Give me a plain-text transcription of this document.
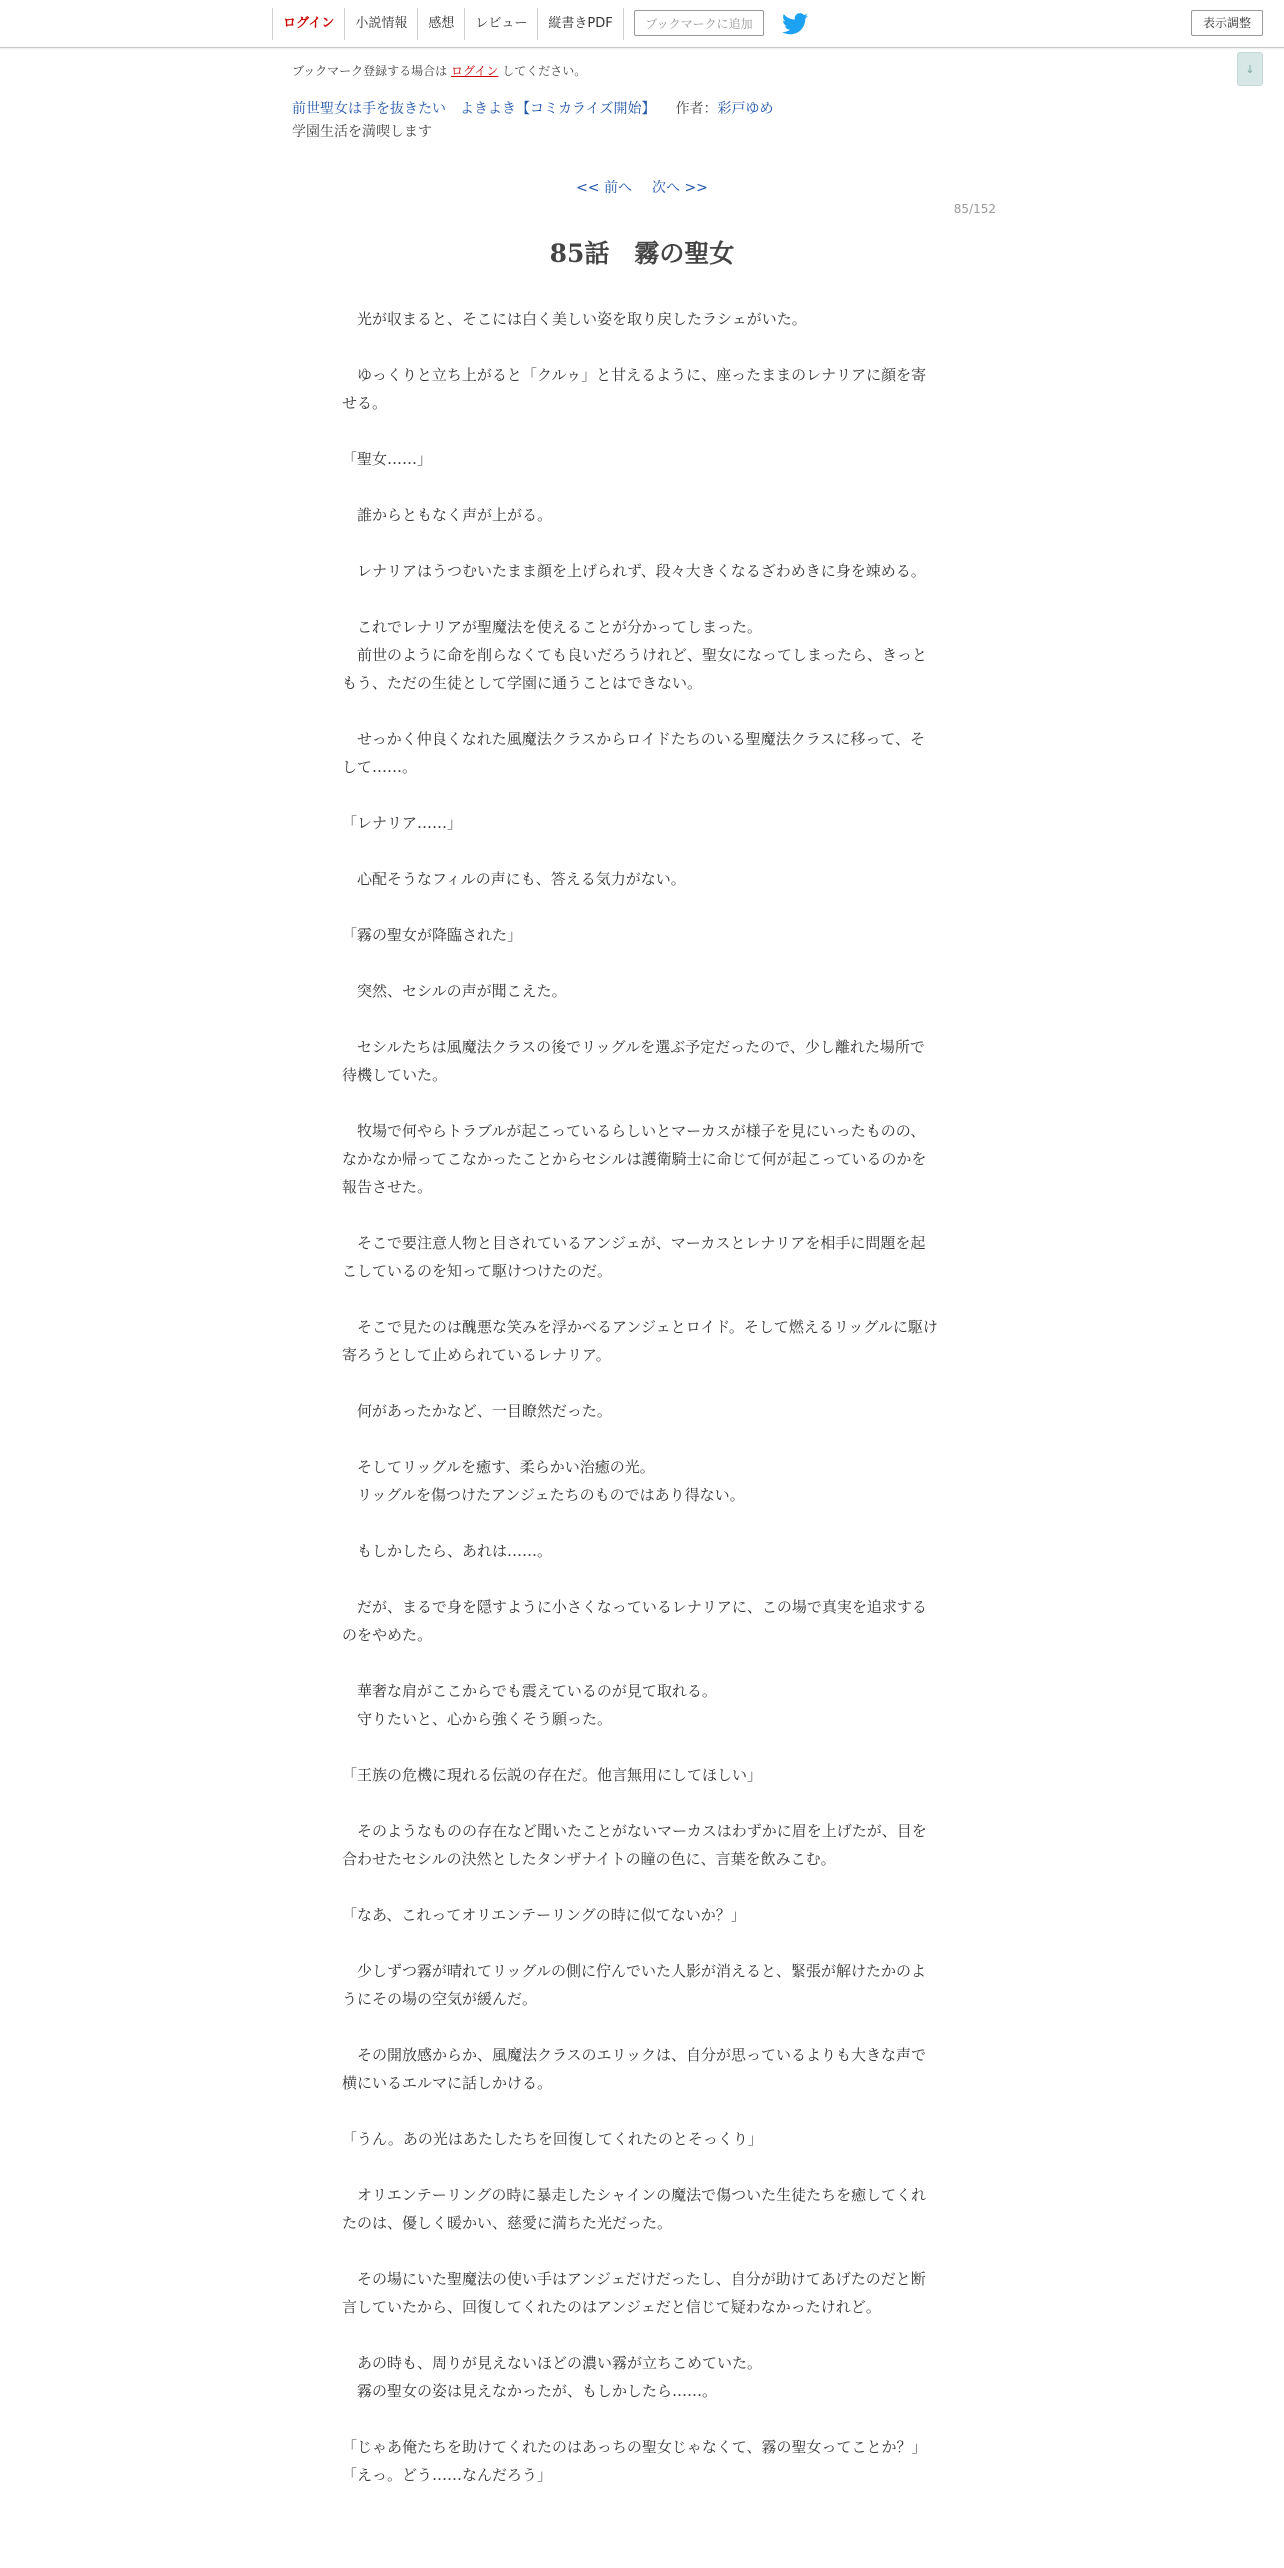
ログイン	小説情報	感想	レビュー	縦書きPDF	ブックマークに追加	表示調整
↓
ブックマーク登録する場合は ログイン してください。
前世聖女は手を抜きたい　よきよき【コミカライズ開始】 作者：彩戸ゆめ
学園生活を満喫します
<< 前へ 次へ >>
85/152
85話　霧の聖女
　光が収まると、そこには白く美しい姿を取り戻したラシェがいた。
　ゆっくりと立ち上がると「クルゥ」と甘えるように、座ったままのレナリアに顔を寄せる。
「聖女……」
　誰からともなく声が上がる。
　レナリアはうつむいたまま顔を上げられず、段々大きくなるざわめきに身を竦める。
　これでレナリアが聖魔法を使えることが分かってしまった。
　前世のように命を削らなくても良いだろうけれど、聖女になってしまったら、きっともう、ただの生徒として学園に通うことはできない。
　せっかく仲良くなれた風魔法クラスからロイドたちのいる聖魔法クラスに移って、そして……。
「レナリア……」
　心配そうなフィルの声にも、答える気力がない。
「霧の聖女が降臨された」
　突然、セシルの声が聞こえた。
　セシルたちは風魔法クラスの後でリッグルを選ぶ予定だったので、少し離れた場所で待機していた。
　牧場で何やらトラブルが起こっているらしいとマーカスが様子を見にいったものの、なかなか帰ってこなかったことからセシルは護衛騎士に命じて何が起こっているのかを報告させた。
　そこで要注意人物と目されているアンジェが、マーカスとレナリアを相手に問題を起こしているのを知って駆けつけたのだ。
　そこで見たのは醜悪な笑みを浮かべるアンジェとロイド。そして燃えるリッグルに駆け寄ろうとして止められているレナリア。
　何があったかなど、一目瞭然だった。
　そしてリッグルを癒す、柔らかい治癒の光。
　リッグルを傷つけたアンジェたちのものではあり得ない。
　もしかしたら、あれは……。
　だが、まるで身を隠すように小さくなっているレナリアに、この場で真実を追求するのをやめた。
　華奢な肩がここからでも震えているのが見て取れる。
　守りたいと、心から強くそう願った。
「王族の危機に現れる伝説の存在だ。他言無用にしてほしい」
　そのようなものの存在など聞いたことがないマーカスはわずかに眉を上げたが、目を合わせたセシルの決然としたタンザナイトの瞳の色に、言葉を飲みこむ。
「なあ、これってオリエンテーリングの時に似てないか？」
　少しずつ霧が晴れてリッグルの側に佇んでいた人影が消えると、緊張が解けたかのようにその場の空気が緩んだ。
　その開放感からか、風魔法クラスのエリックは、自分が思っているよりも大きな声で横にいるエルマに話しかける。
「うん。あの光はあたしたちを回復してくれたのとそっくり」
　オリエンテーリングの時に暴走したシャインの魔法で傷ついた生徒たちを癒してくれたのは、優しく暖かい、慈愛に満ちた光だった。
　その場にいた聖魔法の使い手はアンジェだけだったし、自分が助けてあげたのだと断言していたから、回復してくれたのはアンジェだと信じて疑わなかったけれど。
　あの時も、周りが見えないほどの濃い霧が立ちこめていた。
　霧の聖女の姿は見えなかったが、もしかしたら……。
「じゃあ俺たちを助けてくれたのはあっちの聖女じゃなくて、霧の聖女ってことか？」
「えっ。どう……なんだろう」
